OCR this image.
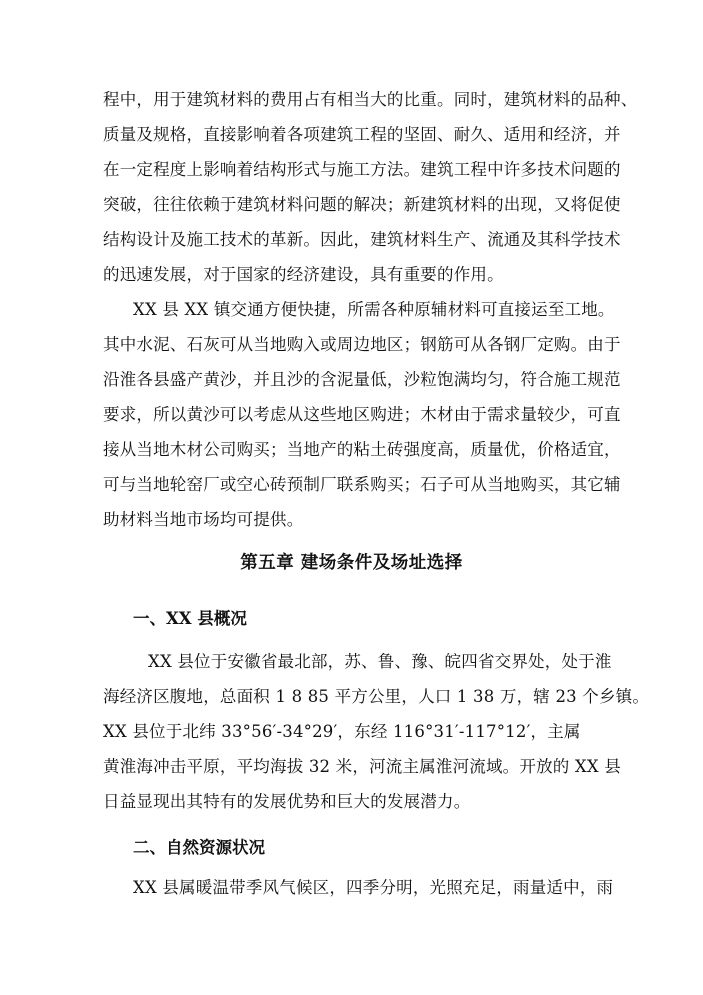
程中，用于建筑材料的费用占有相当大的比重。同时，建筑材料的品种、
质量及规格，直接影响着各项建筑工程的坚固、耐久、适用和经济，并
在一定程度上影响着结构形式与施工方法。建筑工程中许多技术问题的
突破，往往依赖于建筑材料问题的解决；新建筑材料的出现，又将促使
结构设计及施工技术的革新。因此，建筑材料生产、流通及其科学技术
的迅速发展，对于国家的经济建设，具有重要的作用。
XX 县 XX 镇交通方便快捷，所需各种原辅材料可直接运至工地。
其中水泥、石灰可从当地购入或周边地区；钢筋可从各钢厂定购。由于
沿淮各县盛产黄沙，并且沙的含泥量低，沙粒饱满均匀，符合施工规范
要求，所以黄沙可以考虑从这些地区购进；木材由于需求量较少，可直
接从当地木材公司购买；当地产的粘土砖强度高，质量优，价格适宜，
可与当地轮窑厂或空心砖预制厂联系购买；石子可从当地购买，其它辅
助材料当地市场均可提供。
第五章 建场条件及场址选择
一、XX 县概况
XX 县位于安徽省最北部，苏、鲁、豫、皖四省交界处，处于淮
海经济区腹地，总面积 1 8 85 平方公里，人口 1 38 万，辖 23 个乡镇。
XX 县位于北纬 33°56′-34°29′，东经 116°31′-117°12′，主属
黄淮海冲击平原，平均海拔 32 米，河流主属淮河流域。开放的 XX 县
日益显现出其特有的发展优势和巨大的发展潜力。
二、自然资源状况
XX 县属暖温带季风气候区，四季分明，光照充足，雨量适中，雨
